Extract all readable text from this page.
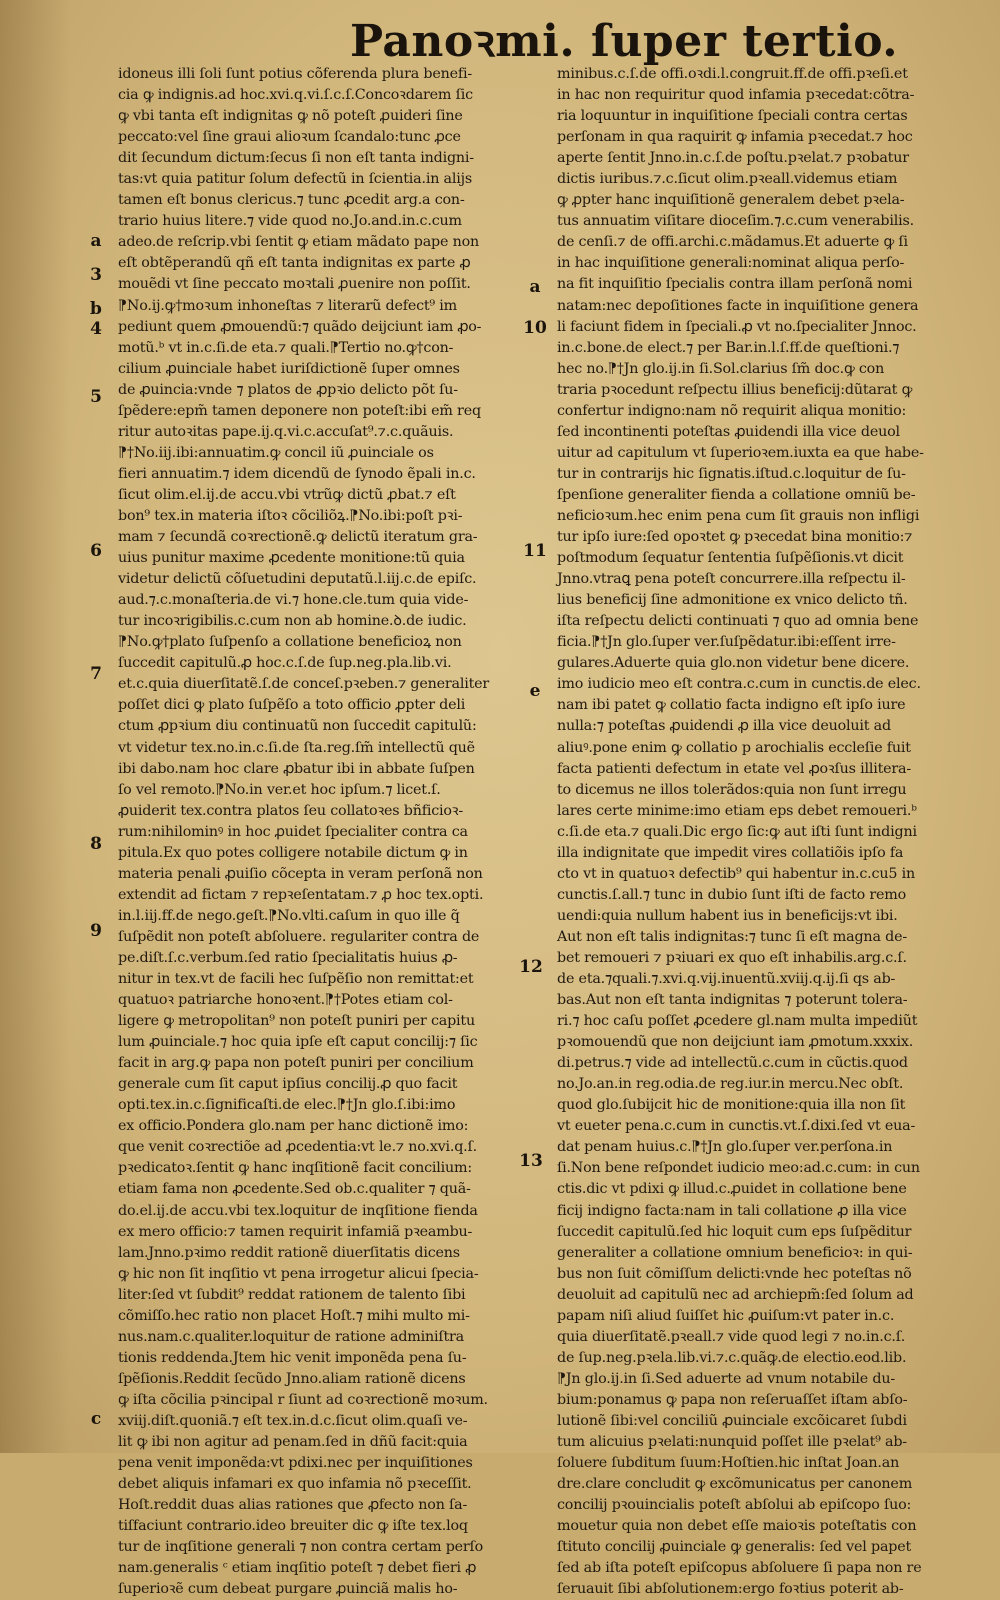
Panoꝛmi. ſuper tertio.
idoneus illi ſoli ſunt potius cõferenda plura benefi-
cia ꝙ indignis.ad hoc.xvi.q.vi.ſ.c.ſ.Concoꝛdarem ſic
ꝙ vbi tanta eſt indignitas ꝙ nõ poteſt ꝓuideri ſine
peccato:vel ſine graui alioꝛum ſcandalo:tunc ꝓce
dit ſecundum dictum:ſecus ſi non eſt tanta indigni-
tas:vt quia patitur ſolum defectũ in ſcientia.in alijs
tamen eſt bonus clericus.⁊ tunc ꝓcedit arg.a con-
trario huius litere.⁊ vide quod no.Jo.and.in.c.cum
adeo.de reſcrip.vbi ſentit ꝙ etiam mãdato pape non
eſt obtẽperandũ qñ eſt tanta indignitas ex parte ꝓ
mouẽdi vt ſine peccato moꝛtali ꝓuenire non poſſit.
⁋No.ij.ꝙ†moꝛum inhoneſtas ⁊ literarũ defect⁹ im
pediunt quem ꝓmouendũ:⁊ quãdo deijciunt iam ꝓo-
motũ.ᵇ vt in.c.ſi.de eta.⁊ quali.⁋Tertio no.ꝙ†con-
cilium ꝓuinciale habet iuriſdictionẽ ſuper omnes
de ꝓuincia:vnde ⁊ platos de ꝓpꝛio delicto põt ſu-
ſpẽdere:epm̃ tamen deponere non poteſt:ibi em̃ req
ritur autoꝛitas pape.ij.q.vi.c.accuſat⁹.⁊.c.quãuis.
⁋†No.iij.ibi:annuatim.ꝙ concil iũ ꝓuinciale os
fieri annuatim.⁊ idem dicendũ de ſynodo ẽpali in.c.
ſicut olim.el.ij.de accu.vbi vtrũꝙ dictũ ꝓbat.⁊ eſt
bon⁹ tex.in materia iſtoꝛ cõciliõꝝ.⁋No.ibi:poſt pꝛi-
mam ⁊ ſecundã coꝛrectionẽ.ꝙ delictũ iteratum gra-
uius punitur maxime ꝓcedente monitione:tũ quia
videtur delictũ cõſuetudini deputatũ.l.iij.c.de epiſc.
aud.⁊.c.monaſteria.de vi.⁊ hone.cle.tum quia vide-
tur incoꝛrigibilis.c.cum non ab homine.ꝺ.de iudic.
⁋No.ꝙ†plato ſuſpenſo a collatione beneficioꝝ non
ſuccedit capitulũ.ꝓ hoc.c.ſ.de ſup.neg.pla.lib.vi.
et.c.quia diuerſitatẽ.ſ.de conceſ.pꝛeben.⁊ generaliter
poſſet dici ꝙ plato ſuſpẽſo a toto officio ꝓpter deli
ctum ꝓpꝛium diu continuatũ non ſuccedit capitulũ:
vt videtur tex.no.in.c.ſi.de ſta.reg.ſm̃ intellectũ quẽ
ibi dabo.nam hoc clare ꝓbatur ibi in abbate ſuſpen
ſo vel remoto.⁋No.in ver.et hoc ipſum.⁊ licet.ſ.
ꝓuiderit tex.contra platos ſeu collatoꝛes bñficioꝛ-
rum:nihilominꝰ in hoc ꝓuidet ſpecialiter contra ca
pitula.Ex quo potes colligere notabile dictum ꝙ in
materia penali ꝓuiſio cõcepta in veram perſonã non
extendit ad fictam ⁊ repꝛeſentatam.⁊ ꝓ hoc tex.opti.
in.l.iij.ff.de nego.geſt.⁋No.vlti.caſum in quo ille q̃
ſuſpẽdit non poteſt abſoluere. regulariter contra de
pe.diſt.ſ.c.verbum.ſed ratio ſpecialitatis huius ꝓ-
nitur in tex.vt de facili hec ſuſpẽſio non remittat:et
quatuoꝛ patriarche honoꝛent.⁋†Potes etiam col-
ligere ꝙ metropolitan⁹ non poteſt puniri per capitu
lum ꝓuinciale.⁊ hoc quia ipſe eſt caput concilij:⁊ ſic
facit in arg.ꝙ papa non poteſt puniri per concilium
generale cum ſit caput ipſius concilij.ꝓ quo facit
opti.tex.in.c.ſignificaſti.de elec.⁋†Jn glo.ſ.ibi:imo
ex officio.Pondera glo.nam per hanc dictionẽ imo:
que venit coꝛrectiõe ad ꝓcedentia:vt le.⁊ no.xvi.q.ſ.
pꝛedicatoꝛ.ſentit ꝙ hanc inqſitionẽ facit concilium:
etiam fama non ꝓcedente.Sed ob.c.qualiter ⁊ quã-
do.el.ij.de accu.vbi tex.loquitur de inqſitione fienda
ex mero officio:⁊ tamen requirit infamiã pꝛeambu-
lam.Jnno.pꝛimo reddit rationẽ diuerſitatis dicens
ꝙ hic non ſit inqſitio vt pena irrogetur alicui ſpecia-
liter:ſed vt ſubdit⁹ reddat rationem de talento ſibi
cõmiſſo.hec ratio non placet Hoſt.⁊ mihi multo mi-
nus.nam.c.qualiter.loquitur de ratione adminiſtra
tionis reddenda.Jtem hic venit imponẽda pena ſu-
ſpẽſionis.Reddit ſecũdo Jnno.aliam rationẽ dicens
ꝙ iſta cõcilia pꝛincipal r ſiunt ad coꝛrectionẽ moꝛum.
xviij.diſt.quoniã.⁊ eſt tex.in.d.c.ſicut olim.quaſi ve-
lit ꝙ ibi non agitur ad penam.ſed in dñũ facit:quia
pena venit imponẽda:vt pdixi.nec per inquiſitiones
debet aliquis infamari ex quo infamia nõ pꝛeceſſit.
Hoſt.reddit duas alias rationes que ꝓfecto non ſa-
tiſfaciunt contrario.ideo breuiter dic ꝙ iſte tex.loq
tur de inqſitione generali ⁊ non contra certam perſo
nam.generalis ᶜ etiam inqſitio poteſt ⁊ debet fieri ꝓ
ſuperioꝛẽ cum debeat purgare ꝓuinciã malis ho-
minibus.c.ſ.de offi.oꝛdi.l.congruit.ff.de offi.pꝛeſi.et
in hac non requiritur quod infamia pꝛecedat:cõtra-
ria loquuntur in inquiſitione ſpeciali contra certas
perſonam in qua raquirit ꝙ infamia pꝛecedat.⁊ hoc
aperte ſentit Jnno.in.c.ſ.de poſtu.pꝛelat.⁊ pꝛobatur
dictis iuribus.⁊.c.ſicut olim.pꝛeall.videmus etiam
ꝙ ꝓpter hanc inquiſitionẽ generalem debet pꝛela-
tus annuatim viſitare dioceſim.⁊.c.cum venerabilis.
de cenſi.⁊ de offi.archi.c.mãdamus.Et aduerte ꝙ ſi
in hac inquiſitione generali:nominat aliqua perſo-
na fit inquiſitio ſpecialis contra illam perſonã nomi
natam:nec depoſitiones facte in inquiſitione genera
li faciunt fidem in ſpeciali.ꝓ vt no.ſpecialiter Jnnoc.
in.c.bone.de elect.⁊ per Bar.in.l.ſ.ff.de queſtioni.⁊
hec no.⁋†Jn glo.ij.in ſi.Sol.clarius ſm̃ doc.ꝙ con
traria pꝛocedunt reſpectu illius beneficij:dũtarat ꝙ
confertur indigno:nam nõ requirit aliqua monitio:
ſed incontinenti poteſtas ꝓuidendi illa vice deuol
uitur ad capitulum vt ſuperioꝛem.iuxta ea que habe-
tur in contrarijs hic ſignatis.iſtud.c.loquitur de ſu-
ſpenſione generaliter fienda a collatione omniũ be-
neficioꝛum.hec enim pena cum ſit grauis non infligi
tur ipſo iure:ſed opoꝛtet ꝙ pꝛecedat bina monitio:⁊
poſtmodum ſequatur ſententia ſuſpẽſionis.vt dicit
Jnno.vtraꝗ pena poteſt concurrere.illa reſpectu il-
lius beneficij ſine admonitione ex vnico delicto tñ.
iſta reſpectu delicti continuati ⁊ quo ad omnia bene
ficia.⁋†Jn glo.ſuper ver.ſuſpẽdatur.ibi:eſſent irre-
gulares.Aduerte quia glo.non videtur bene dicere.
imo iudicio meo eſt contra.c.cum in cunctis.de elec.
nam ibi patet ꝙ collatio facta indigno eſt ipſo iure
nulla:⁊ poteſtas ꝓuidendi ꝓ illa vice deuoluit ad
aliuꝰ.pone enim ꝙ collatio p arochialis eccleſie fuit
facta patienti defectum in etate vel ꝓoꝛſus illitera-
to dicemus ne illos tolerãdos:quia non ſunt irregu
lares certe minime:imo etiam eps debet remoueri.ᵇ
c.ſi.de eta.⁊ quali.Dic ergo ſic:ꝙ aut iſti ſunt indigni
illa indignitate que impedit vires collatiõis ipſo fa
cto vt in quatuoꝛ defectib⁹ qui habentur in.c.cu5 in
cunctis.ſ.all.⁊ tunc in dubio ſunt iſti de facto remo
uendi:quia nullum habent ius in beneficijs:vt ibi.
Aut non eſt talis indignitas:⁊ tunc ſi eſt magna de-
bet remoueri ⁊ pꝛiuari ex quo eſt inhabilis.arg.c.ſ.
de eta.⁊quali.⁊.xvi.q.vij.inuentũ.xviij.q.ij.ſi qs ab-
bas.Aut non eſt tanta indignitas ⁊ poterunt tolera-
ri.⁊ hoc caſu poſſet ꝓcedere gl.nam multa impediũt
pꝛomouendũ que non deijciunt iam ꝓmotum.xxxix.
di.petrus.⁊ vide ad intellectũ.c.cum in cũctis.quod
no.Jo.an.in reg.odia.de reg.iur.in mercu.Nec obſt.
quod glo.ſubijcit hic de monitione:quia illa non ſit
vt eueter pena.c.cum in cunctis.vt.ſ.dixi.ſed vt eua-
dat penam huius.c.⁋†Jn glo.ſuper ver.perſona.in
ſi.Non bene reſpondet iudicio meo:ad.c.cum: in cun
ctis.dic vt pdixi ꝙ illud.c.ꝓuidet in collatione bene
ficij indigno facta:nam in tali collatione ꝓ illa vice
ſuccedit capitulũ.ſed hic loquit cum eps ſuſpẽditur
generaliter a collatione omnium beneficioꝛ: in qui-
bus non ſuit cõmiſſum delicti:vnde hec poteſtas nõ
deuoluit ad capitulũ nec ad archiepm̃:ſed ſolum ad
papam niſi aliud ſuiſſet hic ꝓuiſum:vt pater in.c.
quia diuerſitatẽ.pꝛeall.⁊ vide quod legi ⁊ no.in.c.ſ.
de ſup.neg.pꝛela.lib.vi.⁊.c.quãꝙ.de electio.eod.lib.
⁋Jn glo.ij.in ſi.Sed aduerte ad vnum notabile du-
bium:ponamus ꝙ papa non reſeruaſſet iſtam abſo-
lutionẽ ſibi:vel conciliũ ꝓuinciale excõicaret ſubdi
tum alicuius pꝛelati:nunquid poſſet ille pꝛelat⁹ ab-
ſoluere ſubditum ſuum:Hoſtien.hic inſtat Joan.an
dre.clare concludit ꝙ excõmunicatus per canonem
concilij pꝛouincialis poteſt abſolui ab epiſcopo ſuo:
mouetur quia non debet eſſe maioꝛis poteſtatis con
ſtituto concilij ꝓuinciale ꝙ generalis: ſed vel papet
ſed ab iſta poteſt epiſcopus abſoluere ſi papa non re
ſeruauit ſibi abſolutionem:ergo foꝛtius poterit ab-
a
3
b
4
5
6
7
8
9
c
a
10
11
e
12
13
